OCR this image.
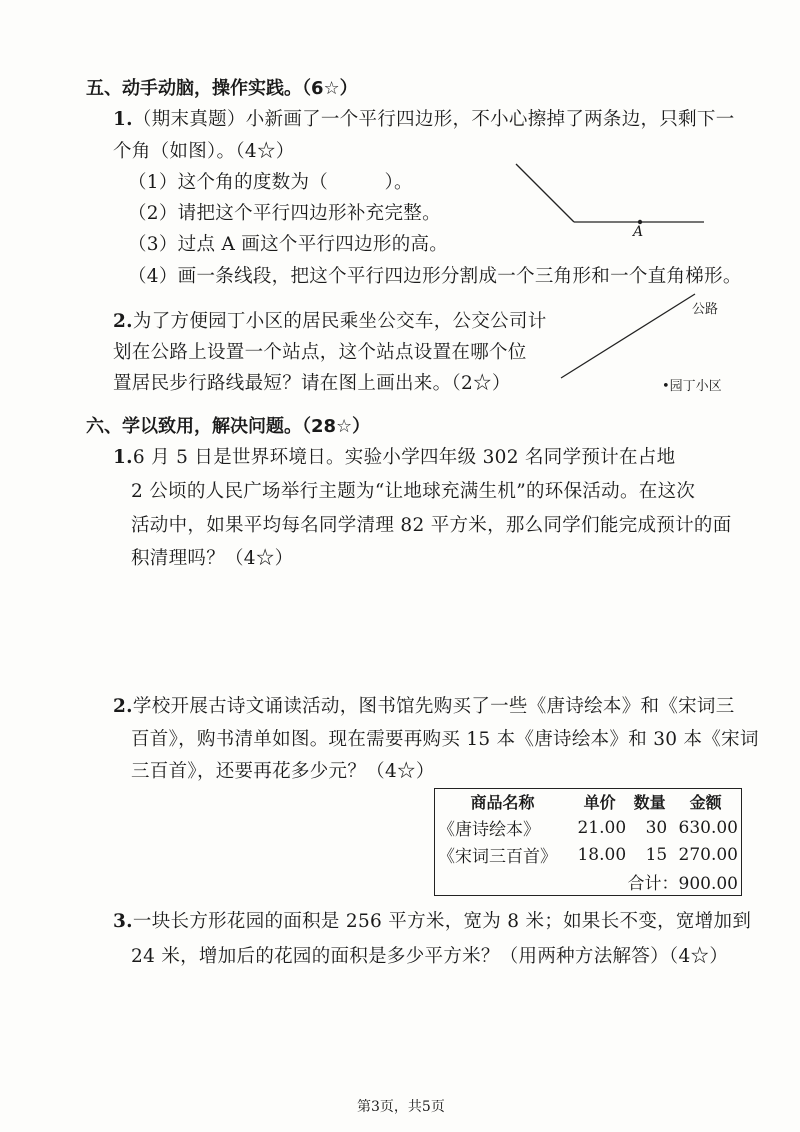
五、动手动脑，操作实践。（6☆）
1.（期末真题）小新画了一个平行四边形，不小心擦掉了两条边，只剩下一
个角（如图）。（4☆）
（1）这个角的度数为（　　　）。
（2）请把这个平行四边形补充完整。
（3）过点 A 画这个平行四边形的高。
（4）画一条线段，把这个平行四边形分割成一个三角形和一个直角梯形。
A
2.为了方便园丁小区的居民乘坐公交车，公交公司计
划在公路上设置一个站点，这个站点设置在哪个位
置居民步行路线最短？请在图上画出来。（2☆）
公路
•园丁小区
六、学以致用，解决问题。（28☆）
1.6 月 5 日是世界环境日。实验小学四年级 302 名同学预计在占地
2 公顷的人民广场举行主题为“让地球充满生机”的环保活动。在这次
活动中，如果平均每名同学清理 82 平方米，那么同学们能完成预计的面
积清理吗？（4☆）
2.学校开展古诗文诵读活动，图书馆先购买了一些《唐诗绘本》和《宋词三
百首》，购书清单如图。现在需要再购买 15 本《唐诗绘本》和 30 本《宋词
三百首》，还要再花多少元？（4☆）
商品名称	单价	数量	金额
《唐诗绘本》	21.00	30	630.00
《宋词三百首》	18.00	15	270.00
合计：900.00			
3.一块长方形花园的面积是 256 平方米，宽为 8 米；如果长不变，宽增加到
24 米，增加后的花园的面积是多少平方米？（用两种方法解答）（4☆）
第3页，共5页
